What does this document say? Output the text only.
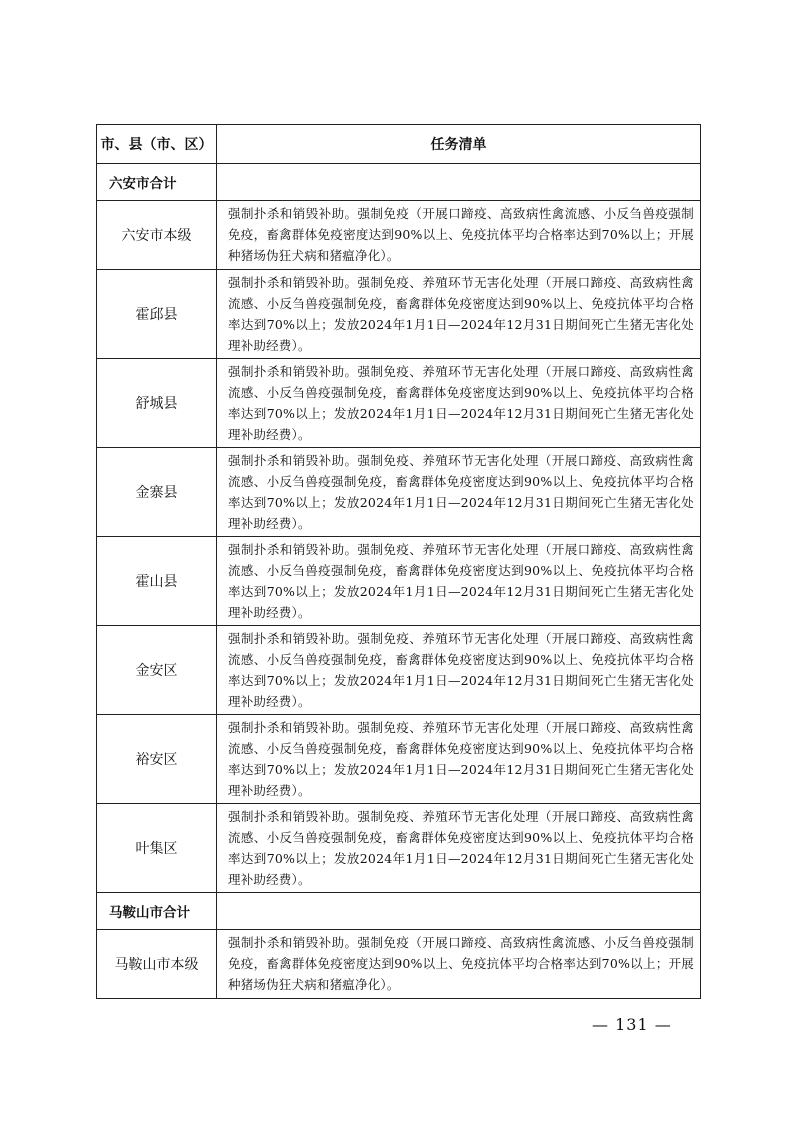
市、县（市、区）	任务清单
六安市合计	
六安市本级	强制扑杀和销毁补助。强制免疫（开展口蹄疫、高致病性禽流感、小反刍兽疫强制免疫，畜禽群体免疫密度达到90%以上、免疫抗体平均合格率达到70%以上；开展种猪场伪狂犬病和猪瘟净化）。
霍邱县	强制扑杀和销毁补助。强制免疫、养殖环节无害化处理（开展口蹄疫、高致病性禽流感、小反刍兽疫强制免疫，畜禽群体免疫密度达到90%以上、免疫抗体平均合格率达到70%以上；发放2024年1月1日—2024年12月31日期间死亡生猪无害化处理补助经费）。
舒城县	强制扑杀和销毁补助。强制免疫、养殖环节无害化处理（开展口蹄疫、高致病性禽流感、小反刍兽疫强制免疫，畜禽群体免疫密度达到90%以上、免疫抗体平均合格率达到70%以上；发放2024年1月1日—2024年12月31日期间死亡生猪无害化处理补助经费）。
金寨县	强制扑杀和销毁补助。强制免疫、养殖环节无害化处理（开展口蹄疫、高致病性禽流感、小反刍兽疫强制免疫，畜禽群体免疫密度达到90%以上、免疫抗体平均合格率达到70%以上；发放2024年1月1日—2024年12月31日期间死亡生猪无害化处理补助经费）。
霍山县	强制扑杀和销毁补助。强制免疫、养殖环节无害化处理（开展口蹄疫、高致病性禽流感、小反刍兽疫强制免疫，畜禽群体免疫密度达到90%以上、免疫抗体平均合格率达到70%以上；发放2024年1月1日—2024年12月31日期间死亡生猪无害化处理补助经费）。
金安区	强制扑杀和销毁补助。强制免疫、养殖环节无害化处理（开展口蹄疫、高致病性禽流感、小反刍兽疫强制免疫，畜禽群体免疫密度达到90%以上、免疫抗体平均合格率达到70%以上；发放2024年1月1日—2024年12月31日期间死亡生猪无害化处理补助经费）。
裕安区	强制扑杀和销毁补助。强制免疫、养殖环节无害化处理（开展口蹄疫、高致病性禽流感、小反刍兽疫强制免疫，畜禽群体免疫密度达到90%以上、免疫抗体平均合格率达到70%以上；发放2024年1月1日—2024年12月31日期间死亡生猪无害化处理补助经费）。
叶集区	强制扑杀和销毁补助。强制免疫、养殖环节无害化处理（开展口蹄疫、高致病性禽流感、小反刍兽疫强制免疫，畜禽群体免疫密度达到90%以上、免疫抗体平均合格率达到70%以上；发放2024年1月1日—2024年12月31日期间死亡生猪无害化处理补助经费）。
马鞍山市合计	
马鞍山市本级	强制扑杀和销毁补助。强制免疫（开展口蹄疫、高致病性禽流感、小反刍兽疫强制免疫，畜禽群体免疫密度达到90%以上、免疫抗体平均合格率达到70%以上；开展种猪场伪狂犬病和猪瘟净化）。
— 131 —
